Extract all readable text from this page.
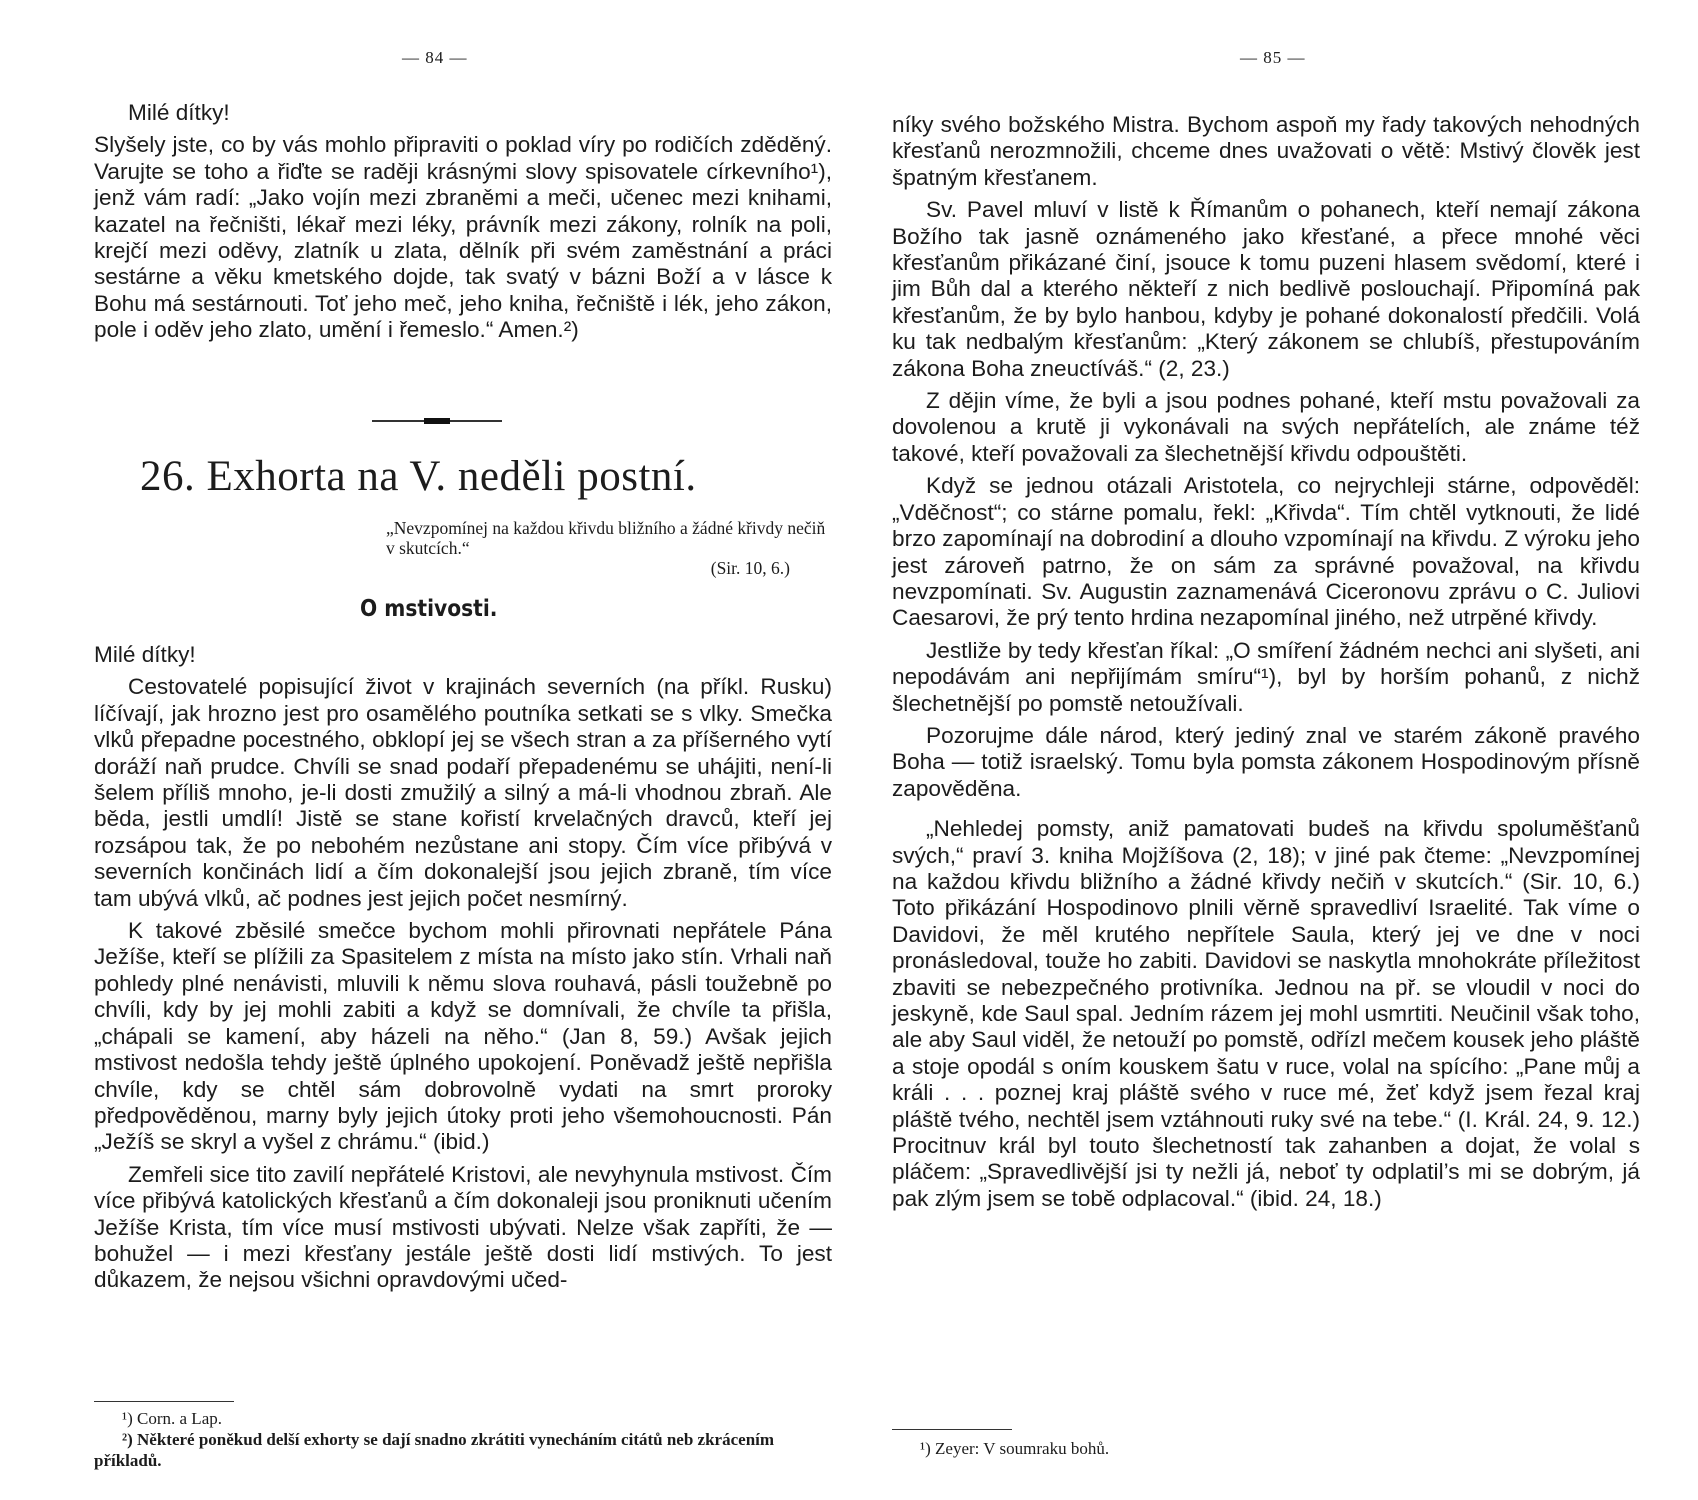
— 84 —

Milé dítky!

Slyšely jste, co by vás mohlo připraviti o poklad víry po rodičích zděděný. Varujte se toho a řiďte se raději krásnými slovy spisovatele církevního¹), jenž vám radí: „Jako vojín mezi zbraněmi a meči, učenec mezi knihami, kazatel na řečništi, lékař mezi léky, právník mezi zákony, rolník na poli, krejčí mezi oděvy, zlatník u zlata, dělník při svém zaměstnání a práci sestárne a věku kmetského dojde, tak svatý v bázni Boží a v lásce k Bohu má sestárnouti. Toť jeho meč, jeho kniha, řečniště i lék, jeho zákon, pole i oděv jeho zlato, umění i řemeslo.“ Amen.²)

26. Exhorta na V. neděli postní.

„Nevzpomínej na každou křivdu bližního a žádné křivdy nečiň v skutcích.“

(Sir. 10, 6.)

O mstivosti.

Milé dítky!

Cestovatelé popisující život v krajinách severních (na příkl. Rusku) líčívají, jak hrozno jest pro osamělého poutníka setkati se s vlky. Smečka vlků přepadne pocestného, obklopí jej se všech stran a za příšerného vytí doráží naň prudce. Chvíli se snad podaří přepadenému se uhájiti, není-li šelem příliš mnoho, je-li dosti zmužilý a silný a má-li vhodnou zbraň. Ale běda, jestli umdlí! Jistě se stane kořistí krvelačných dravců, kteří jej rozsápou tak, že po nebohém nezůstane ani stopy. Čím více přibývá v severních končinách lidí a čím dokonalejší jsou jejich zbraně, tím více tam ubývá vlků, ač podnes jest jejich počet nesmírný.

K takové zběsilé smečce bychom mohli přirovnati nepřátele Pána Ježíše, kteří se plížili za Spasitelem z místa na místo jako stín. Vrhali naň pohledy plné nenávisti, mluvili k němu slova rouhavá, pásli toužebně po chvíli, kdy by jej mohli zabiti a když se domnívali, že chvíle ta přišla, „chápali se kamení, aby házeli na něho.“ (Jan 8, 59.) Avšak jejich mstivost nedošla tehdy ještě úplného upokojení. Poněvadž ještě nepřišla chvíle, kdy se chtěl sám dobrovolně vydati na smrt proroky předpověděnou, marny byly jejich útoky proti jeho všemohoucnosti. Pán „Ježíš se skryl a vyšel z chrámu.“ (ibid.)

Zemřeli sice tito zavilí nepřátelé Kristovi, ale nevyhynula mstivost. Čím více přibývá katolických křesťanů a čím dokonaleji jsou proniknuti učením Ježíše Krista, tím více musí mstivosti ubývati. Nelze však zapříti, že — bohužel — i mezi křesťany jestále ještě dosti lidí mstivých. To jest důkazem, že nejsou všichni opravdovými učed-

¹) Corn. a Lap.

²) Některé poněkud delší exhorty se dají snadno zkrátiti vynecháním citátů neb zkrácením příkladů.

— 85 —

níky svého božského Mistra. Bychom aspoň my řady takových nehodných křesťanů nerozmnožili, chceme dnes uvažovati o větě: Mstivý člověk jest špatným křesťanem.

Sv. Pavel mluví v listě k Římanům o pohanech, kteří nemají zákona Božího tak jasně oznámeného jako křesťané, a přece mnohé věci křesťanům přikázané činí, jsouce k tomu puzeni hlasem svědomí, které i jim Bůh dal a kterého někteří z nich bedlivě poslouchají. Připomíná pak křesťanům, že by bylo hanbou, kdyby je pohané dokonalostí předčili. Volá ku tak nedbalým křesťanům: „Který zákonem se chlubíš, přestupováním zákona Boha zneuctíváš.“ (2, 23.)

Z dějin víme, že byli a jsou podnes pohané, kteří mstu považovali za dovolenou a krutě ji vykonávali na svých nepřátelích, ale známe též takové, kteří považovali za šlechetnější křivdu odpouštěti.

Když se jednou otázali Aristotela, co nejrychleji stárne, odpověděl: „Vděčnost“; co stárne pomalu, řekl: „Křivda“. Tím chtěl vytknouti, že lidé brzo zapomínají na dobrodiní a dlouho vzpomínají na křivdu. Z výroku jeho jest zároveň patrno, že on sám za správné považoval, na křivdu nevzpomínati. Sv. Augustin zaznamenává Ciceronovu zprávu o C. Juliovi Caesarovi, že prý tento hrdina nezapomínal jiného, než utrpěné křivdy.

Jestliže by tedy křesťan říkal: „O smíření žádném nechci ani slyšeti, ani nepodávám ani nepřijímám smíru“¹), byl by horším pohanů, z nichž šlechetnější po pomstě netoužívali.

Pozorujme dále národ, který jediný znal ve starém zákoně pravého Boha — totiž israelský. Tomu byla pomsta zákonem Hospodinovým přísně zapověděna.

„Nehledej pomsty, aniž pamatovati budeš na křivdu spoluměšťanů svých,“ praví 3. kniha Mojžíšova (2, 18); v jiné pak čteme: „Nevzpomínej na každou křivdu bližního a žádné křivdy nečiň v skutcích.“ (Sir. 10, 6.) Toto přikázání Hospodinovo plnili věrně spravedliví Israelité. Tak víme o Davidovi, že měl krutého nepřítele Saula, který jej ve dne v noci pronásledoval, touže ho zabiti. Davidovi se naskytla mnohokráte příležitost zbaviti se nebezpečného protivníka. Jednou na př. se vloudil v noci do jeskyně, kde Saul spal. Jedním rázem jej mohl usmrtiti. Neučinil však toho, ale aby Saul viděl, že netouží po pomstě, odřízl mečem kousek jeho pláště a stoje opodál s oním kouskem šatu v ruce, volal na spícího: „Pane můj a králi . . . poznej kraj pláště svého v ruce mé, žeť když jsem řezal kraj pláště tvého, nechtěl jsem vztáhnouti ruky své na tebe.“ (I. Král. 24, 9. 12.) Procitnuv král byl touto šlechetností tak zahanben a dojat, že volal s pláčem: „Spravedlivější jsi ty nežli já, neboť ty odplatil’s mi se dobrým, já pak zlým jsem se tobě odplacoval.“ (ibid. 24, 18.)

¹) Zeyer: V soumraku bohů.
